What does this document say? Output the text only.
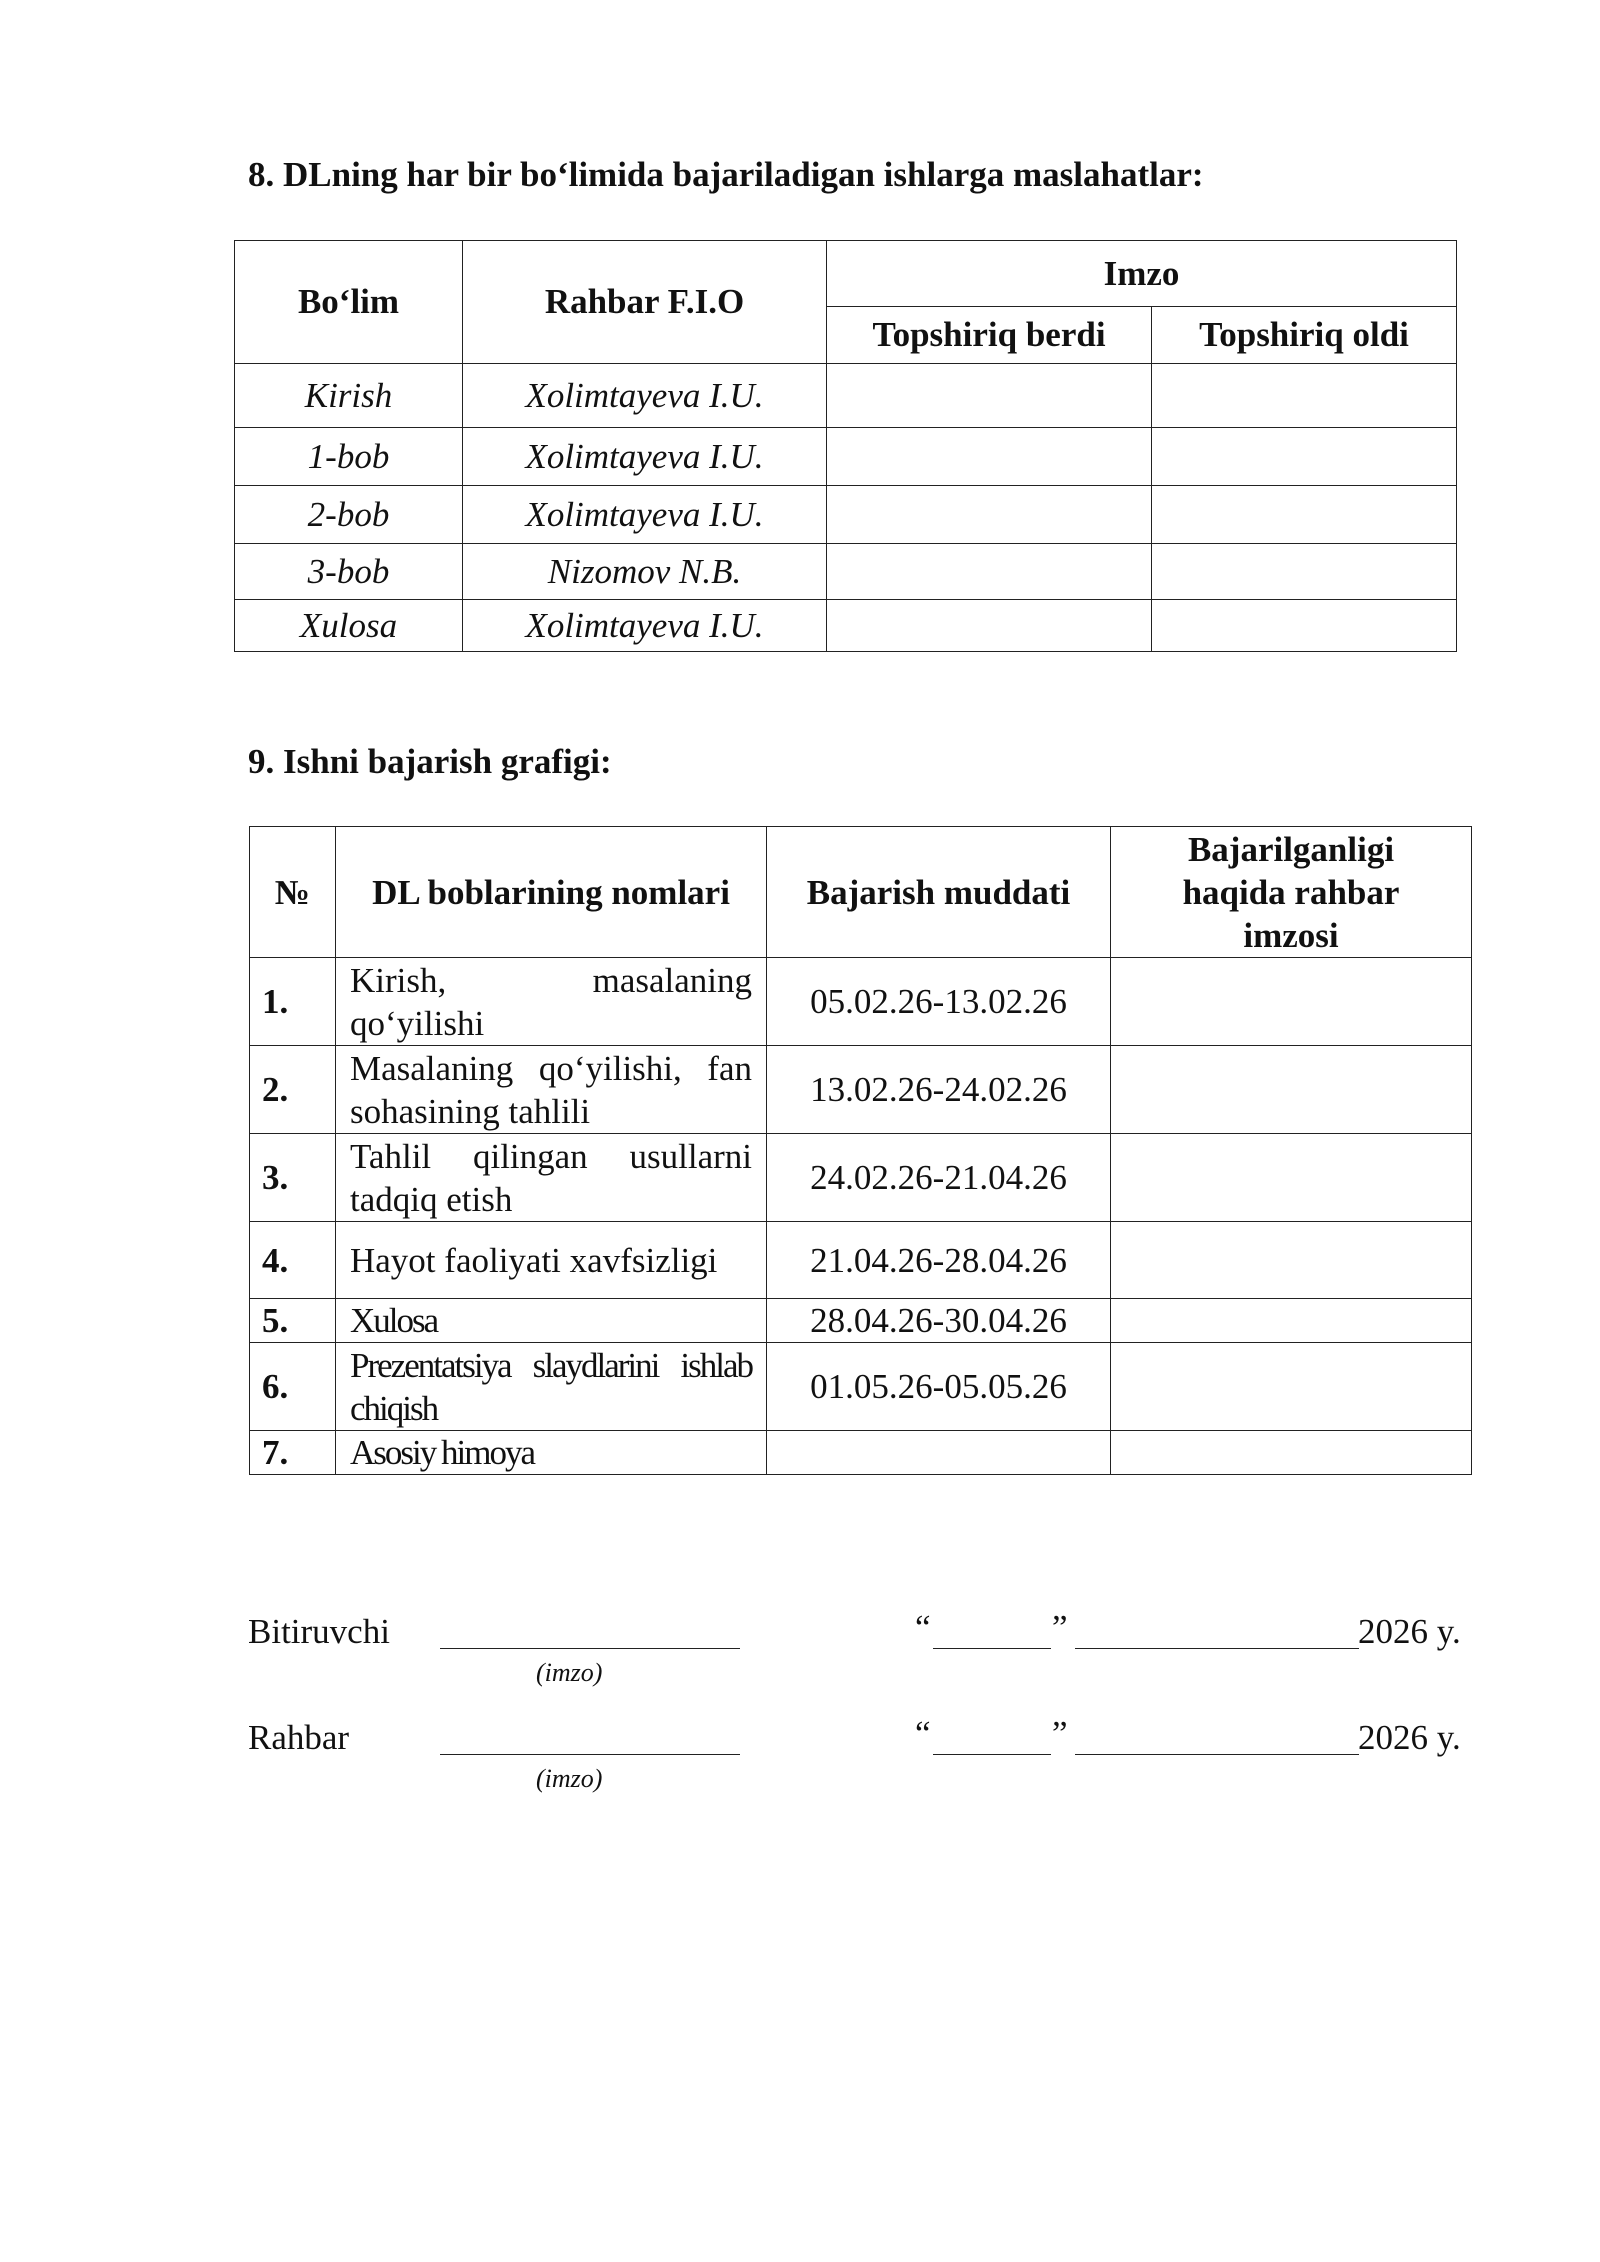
8. DLning har bir bo‘limida bajariladigan ishlarga maslahatlar:
Bo‘lim	Rahbar F.I.O	Imzo	
		Topshiriq berdi	Topshiriq oldi
Kirish	Xolimtayeva I.U.		
1-bob	Xolimtayeva I.U.		
2-bob	Xolimtayeva I.U.		
3-bob	Nizomov N.B.		
Xulosa	Xolimtayeva I.U.		
9. Ishni bajarish grafigi:
№	DL boblarining nomlari	Bajarish muddati	Bajarilganligi haqida rahbar imzosi
1.	Kirish, masalaning qo‘yilishi	05.02.26-13.02.26	
2.	Masalaning qo‘yilishi, fan sohasining tahlili	13.02.26-24.02.26	
3.	Tahlil qilingan usullarni tadqiq etish	24.02.26-21.04.26	
4.	Hayot faoliyati xavfsizligi	21.04.26-28.04.26	
5.	Xulosa	28.04.26-30.04.26	
6.	Prezentatsiya slaydlarini ishlab chiqish	01.05.26-05.05.26	
7.	Asosiy himoya		
Bitiruvchi
(imzo)
“	”	2026 y.
Rahbar
(imzo)
“	”	2026 y.
